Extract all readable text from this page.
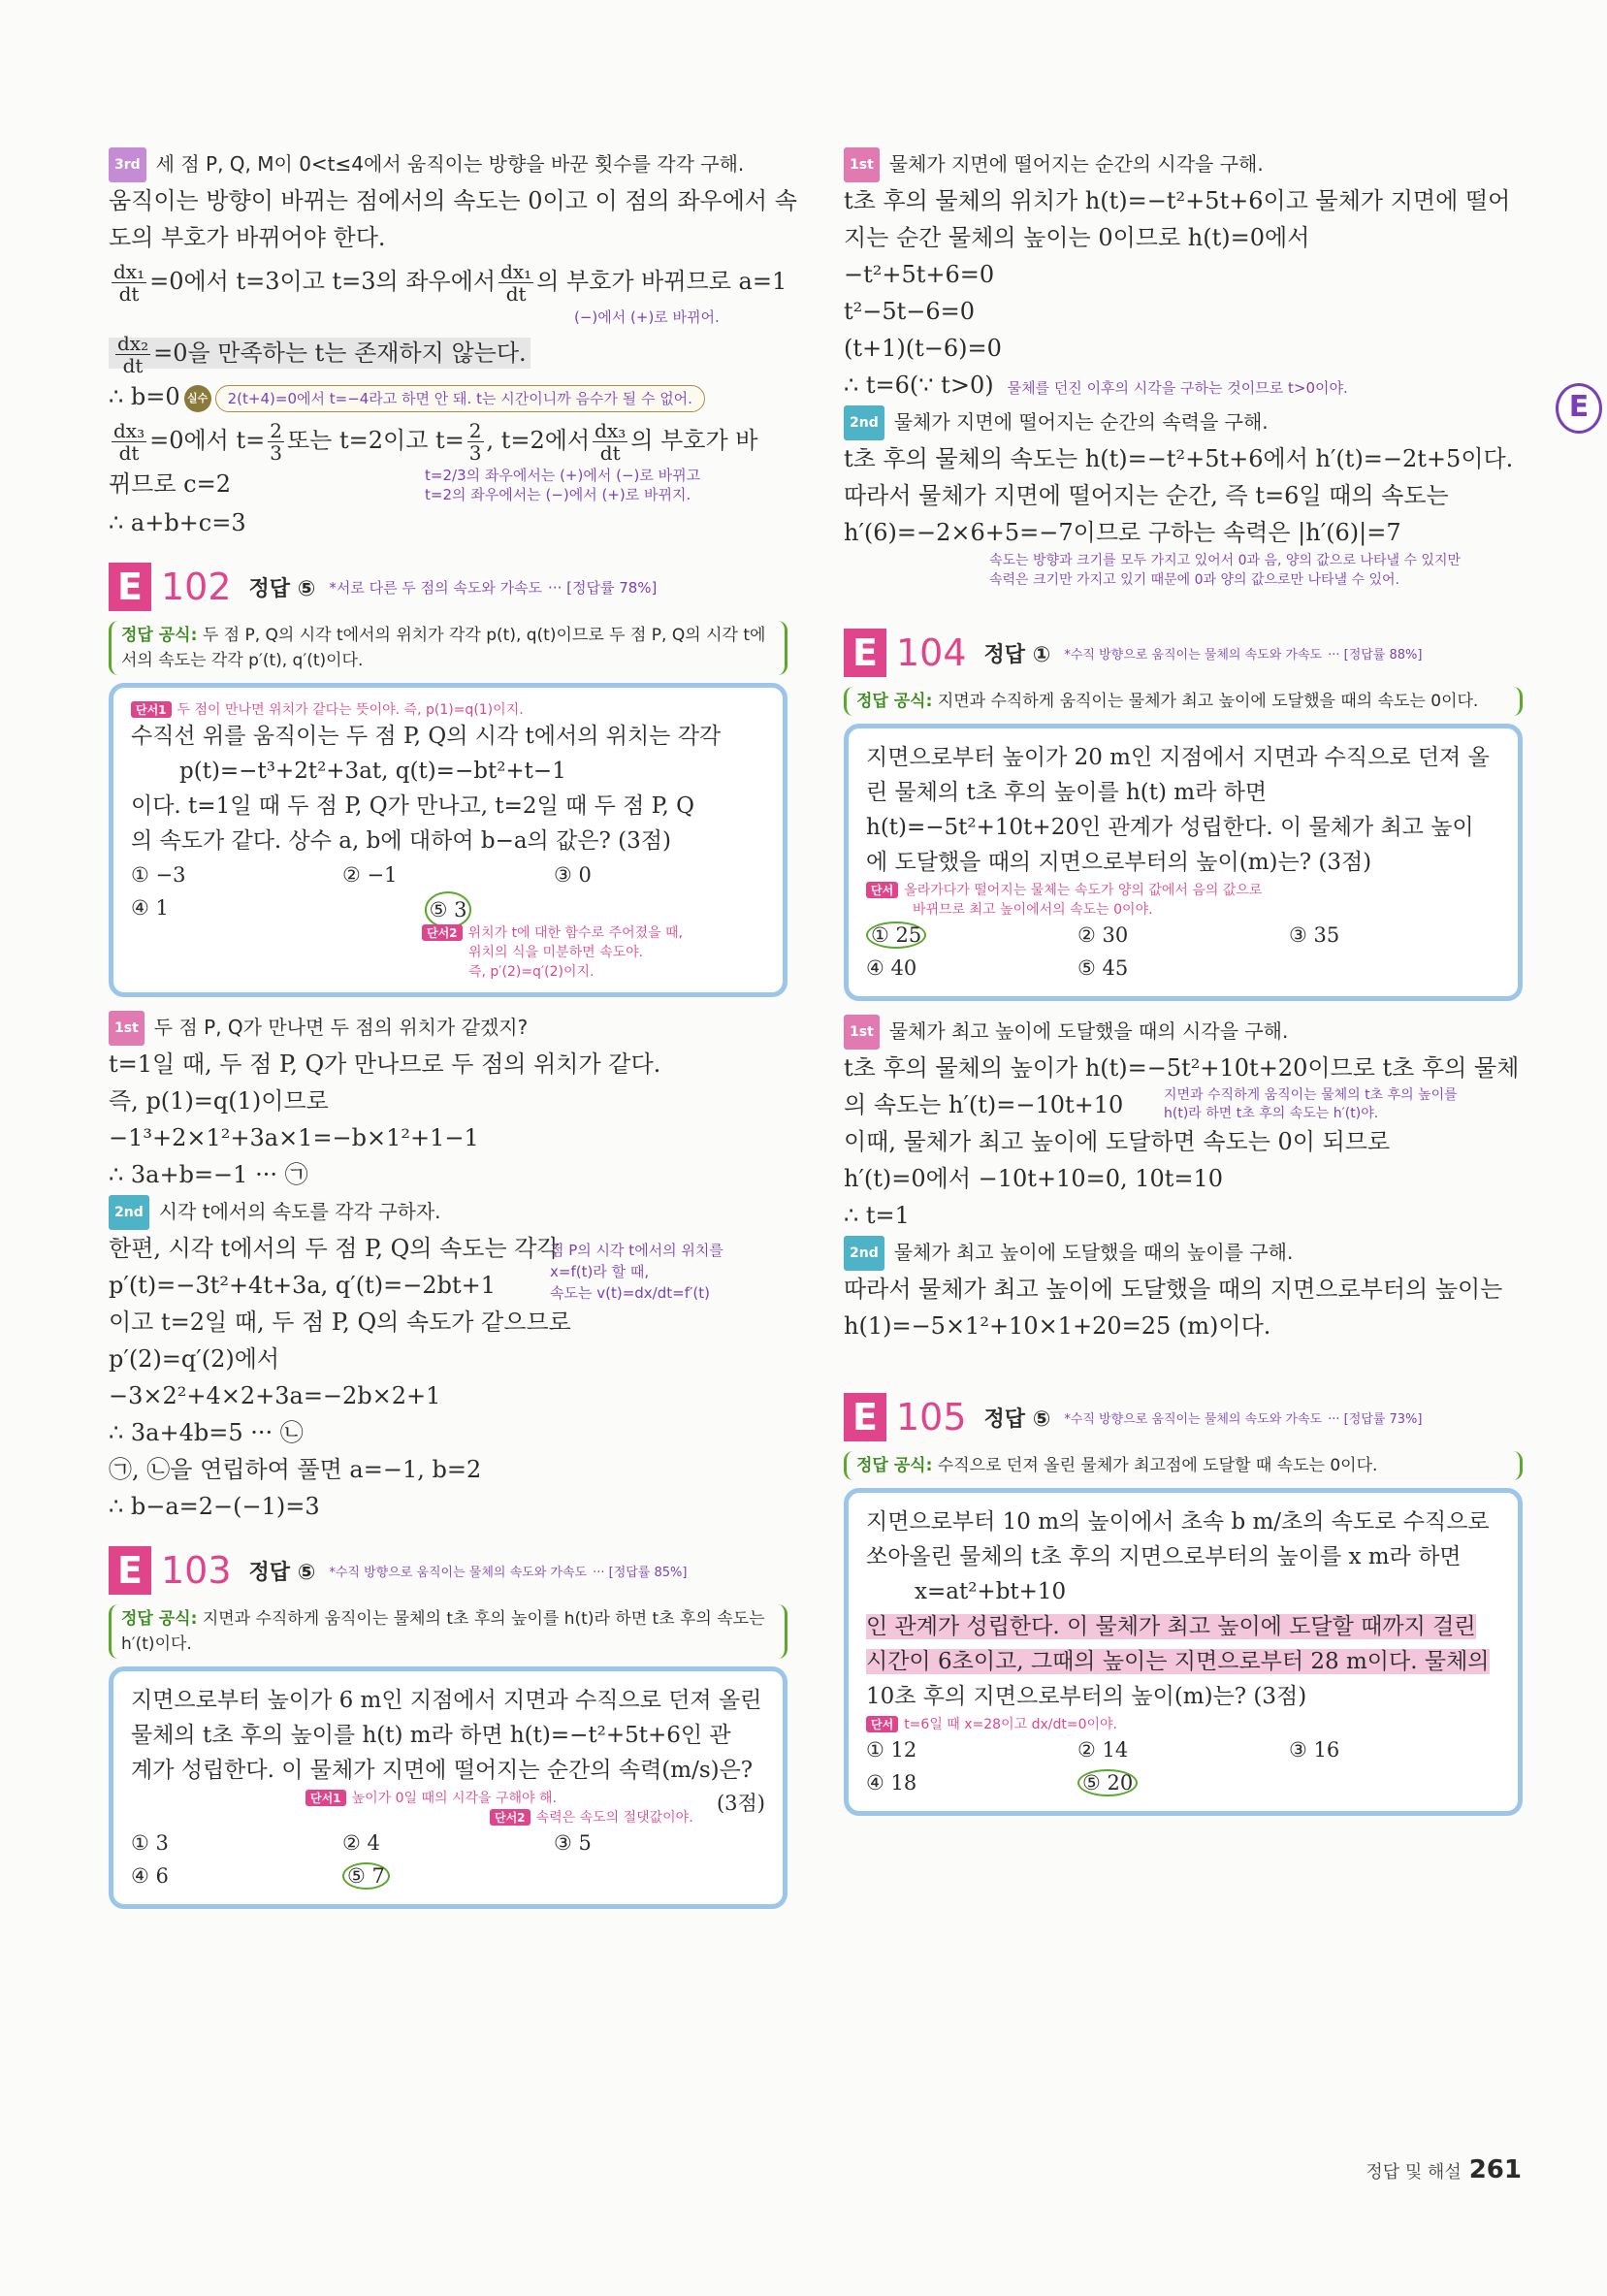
E
3rd 세 점 P, Q, M이 0<t≤4에서 움직이는 방향을 바꾼 횟수를 각각 구해.
움직이는 방향이 바뀌는 점에서의 속도는 0이고 이 점의 좌우에서 속
도의 부호가 바뀌어야 한다.
$\frac{\text{dx₁}}{dt} =0$에서 t=3이고 t=3의 좌우에서 $\frac{\text{dx₁}}{dt}$ 의 부호가 바뀌므로 a=1
(−)에서 (+)로 바뀌어.
$\frac{\text{dx₂}}{dt} =0$을 만족하는 t는 존재하지 않는다.
∴ b=0 실수 2(t+4)=0에서 t=−4라고 하면 안 돼. t는 시간이니까 음수가 될 수 없어.
$\frac{\text{dx₃}}{dt} =0$에서 $t= \frac{2}{3}$ 또는 t=2이고 $t= \frac{2}{3}$ , t=2에서 $\frac{\text{dx₃}}{dt}$ 의 부호가 바
뀌므로 c=2	t=2/3의 좌우에서는 (+)에서 (−)로 바뀌고
t=2의 좌우에서는 (−)에서 (+)로 바뀌지.
∴ a+b+c=3
E 102 정답 ⑤ *서로 다른 두 점의 속도와 가속도 ··· [정답률 78%]
정답 공식: 두 점 P, Q의 시각 t에서의 위치가 각각 p(t), q(t)이므로 두 점 P, Q의 시각 t에서의 속도는 각각 p′(t), q′(t)이다.
단서1 두 점이 만나면 위치가 같다는 뜻이야. 즉, p(1)=q(1)이지.
수직선 위를 움직이는 두 점 P, Q의 시각 t에서의 위치는 각각
p(t)=−t³+2t²+3at, q(t)=−bt²+t−1
이다. t=1일 때 두 점 P, Q가 만나고, t=2일 때 두 점 P, Q
의 속도가 같다. 상수 a, b에 대하여 b−a의 값은? (3점)
① −3	② −1	③ 0
④ 1	⑤ 3
단서2 위치가 t에 대한 함수로 주어졌을 때,
위치의 식을 미분하면 속도야.
즉, p′(2)=q′(2)이지.
1st 두 점 P, Q가 만나면 두 점의 위치가 같겠지?
t=1일 때, 두 점 P, Q가 만나므로 두 점의 위치가 같다.
즉, p(1)=q(1)이므로
−1³+2×1²+3a×1=−b×1²+1−1
∴ 3a+b=−1 ··· ㉠
2nd 시각 t에서의 속도를 각각 구하자.
한편, 시각 t에서의 두 점 P, Q의 속도는 각각
p′(t)=−3t²+4t+3a, q′(t)=−2bt+1
이고 t=2일 때, 두 점 P, Q의 속도가 같으므로
p′(2)=q′(2)에서
−3×2²+4×2+3a=−2b×2+1
∴ 3a+4b=5 ··· ㉡
㉠, ㉡을 연립하여 풀면 a=−1, b=2
∴ b−a=2−(−1)=3
점 P의 시각 t에서의 위치를
x=f(t)라 할 때,
속도는 v(t)=dx/dt=f′(t)
E 103 정답 ⑤ *수직 방향으로 움직이는 물체의 속도와 가속도 ··· [정답률 85%]
정답 공식: 지면과 수직하게 움직이는 물체의 t초 후의 높이를 h(t)라 하면 t초 후의 속도는 h′(t)이다.
지면으로부터 높이가 6 m인 지점에서 지면과 수직으로 던져 올린
물체의 t초 후의 높이를 h(t) m라 하면 h(t)=−t²+5t+6인 관
계가 성립한다. 이 물체가 지면에 떨어지는 순간의 속력(m/s)은?
단서1 높이가 0일 때의 시각을 구해야 해.	(3점)
단서2 속력은 속도의 절댓값이야.
① 3	② 4	③ 5
④ 6	⑤ 7
1st 물체가 지면에 떨어지는 순간의 시각을 구해.
t초 후의 물체의 위치가 h(t)=−t²+5t+6이고 물체가 지면에 떨어
지는 순간 물체의 높이는 0이므로 h(t)=0에서
−t²+5t+6=0
t²−5t−6=0
(t+1)(t−6)=0
∴ t=6(∵ t>0) 물체를 던진 이후의 시각을 구하는 것이므로 t>0이야.
2nd 물체가 지면에 떨어지는 순간의 속력을 구해.
t초 후의 물체의 속도는 h(t)=−t²+5t+6에서 h′(t)=−2t+5이다.
따라서 물체가 지면에 떨어지는 순간, 즉 t=6일 때의 속도는
h′(6)=−2×6+5=−7이므로 구하는 속력은 |h′(6)|=7
속도는 방향과 크기를 모두 가지고 있어서 0과 음, 양의 값으로 나타낼 수 있지만
속력은 크기만 가지고 있기 때문에 0과 양의 값으로만 나타낼 수 있어.
E 104 정답 ① *수직 방향으로 움직이는 물체의 속도와 가속도 ··· [정답률 88%]
정답 공식: 지면과 수직하게 움직이는 물체가 최고 높이에 도달했을 때의 속도는 0이다.
지면으로부터 높이가 20 m인 지점에서 지면과 수직으로 던져 올
린 물체의 t초 후의 높이를 h(t) m라 하면
h(t)=−5t²+10t+20인 관계가 성립한다. 이 물체가 최고 높이
에 도달했을 때의 지면으로부터의 높이(m)는? (3점)
단서 올라가다가 떨어지는 물체는 속도가 양의 값에서 음의 값으로
바뀌므로 최고 높이에서의 속도는 0이야.
① 25	② 30	③ 35
④ 40	⑤ 45
1st 물체가 최고 높이에 도달했을 때의 시각을 구해.
t초 후의 물체의 높이가 h(t)=−5t²+10t+20이므로 t초 후의 물체
의 속도는 h′(t)=−10t+10	지면과 수직하게 움직이는 물체의 t초 후의 높이를
h(t)라 하면 t초 후의 속도는 h′(t)야.
이때, 물체가 최고 높이에 도달하면 속도는 0이 되므로
h′(t)=0에서 −10t+10=0, 10t=10
∴ t=1
2nd 물체가 최고 높이에 도달했을 때의 높이를 구해.
따라서 물체가 최고 높이에 도달했을 때의 지면으로부터의 높이는
h(1)=−5×1²+10×1+20=25 (m)이다.
E 105 정답 ⑤ *수직 방향으로 움직이는 물체의 속도와 가속도 ··· [정답률 73%]
정답 공식: 수직으로 던져 올린 물체가 최고점에 도달할 때 속도는 0이다.
지면으로부터 10 m의 높이에서 초속 b m/초의 속도로 수직으로
쏘아올린 물체의 t초 후의 지면으로부터의 높이를 x m라 하면
x=at²+bt+10
인 관계가 성립한다. 이 물체가 최고 높이에 도달할 때까지 걸린
시간이 6초이고, 그때의 높이는 지면으로부터 28 m이다. 물체의
10초 후의 지면으로부터의 높이(m)는? (3점)
단서 t=6일 때 x=28이고 dx/dt=0이야.
① 12	② 14	③ 16
④ 18	⑤ 20
정답 및 해설 261
